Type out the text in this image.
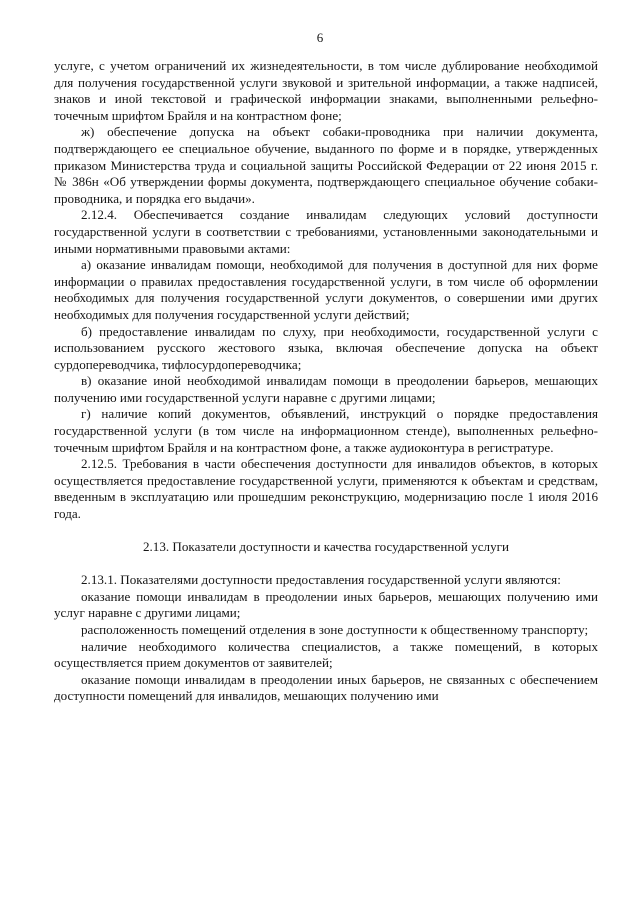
6

услуге, с учетом ограничений их жизнедеятельности, в том числе дублирование необходимой для получения государственной услуги звуковой и зрительной информации, а также надписей, знаков и иной текстовой и графической информации знаками, выполненными рельефно-точечным шрифтом Брайля и на контрастном фоне;

ж) обеспечение допуска на объект собаки-проводника при наличии документа, подтверждающего ее специальное обучение, выданного по форме и в порядке, утвержденных приказом Министерства труда и социальной защиты Российской Федерации от 22 июня 2015 г. № 386н «Об утверждении формы документа, подтверждающего специальное обучение собаки-проводника, и порядка его выдачи».

2.12.4. Обеспечивается создание инвалидам следующих условий доступности государственной услуги в соответствии с требованиями, установленными законодательными и иными нормативными правовыми актами:

а) оказание инвалидам помощи, необходимой для получения в доступной для них форме информации о правилах предоставления государственной услуги, в том числе об оформлении необходимых для получения государственной услуги документов, о совершении ими других необходимых для получения государственной услуги действий;

б) предоставление инвалидам по слуху, при необходимости, государственной услуги с использованием русского жестового языка, включая обеспечение допуска на объект сурдопереводчика, тифлосурдопереводчика;

в) оказание иной необходимой инвалидам помощи в преодолении барьеров, мешающих получению ими государственной услуги наравне с другими лицами;

г) наличие копий документов, объявлений, инструкций о порядке предоставления государственной услуги (в том числе на информационном стенде), выполненных рельефно-точечным шрифтом Брайля и на контрастном фоне, а также аудиоконтура в регистратуре.

2.12.5. Требования в части обеспечения доступности для инвалидов объектов, в которых осуществляется предоставление государственной услуги, применяются к объектам и средствам, введенным в эксплуатацию или прошедшим реконструкцию, модернизацию после 1 июля 2016 года.

2.13. Показатели доступности и качества государственной услуги

2.13.1. Показателями доступности предоставления государственной услуги являются:

оказание помощи инвалидам в преодолении иных барьеров, мешающих получению ими услуг наравне с другими лицами;

расположенность помещений отделения в зоне доступности к общественному транспорту;

наличие необходимого количества специалистов, а также помещений, в которых осуществляется прием документов от заявителей;

оказание помощи инвалидам в преодолении иных барьеров, не связанных с обеспечением доступности помещений для инвалидов, мешающих получению ими
